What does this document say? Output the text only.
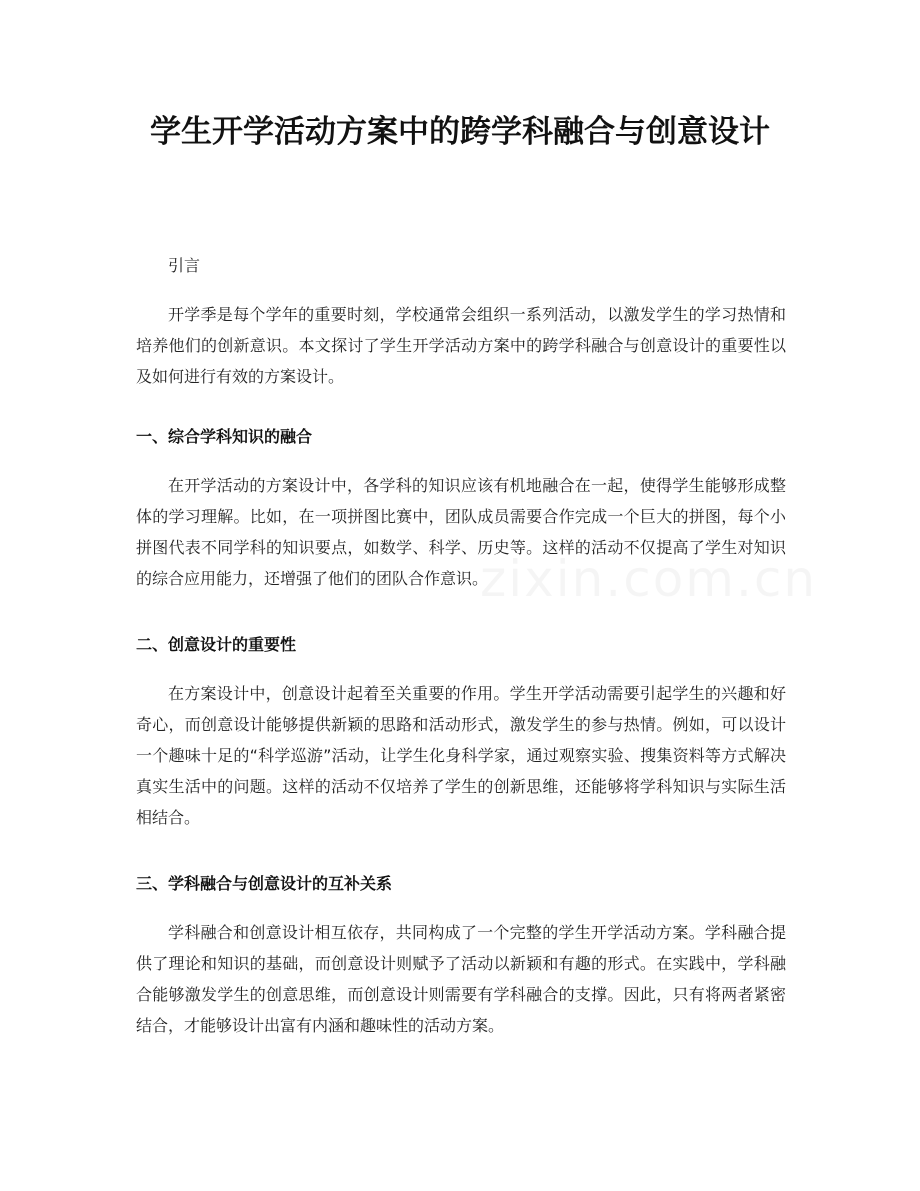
学生开学活动方案中的跨学科融合与创意设计

引言

开学季是每个学年的重要时刻，学校通常会组织一系列活动，以激发学生的学习热情和培养他们的创新意识。本文探讨了学生开学活动方案中的跨学科融合与创意设计的重要性以及如何进行有效的方案设计。

一、综合学科知识的融合

在开学活动的方案设计中，各学科的知识应该有机地融合在一起，使得学生能够形成整体的学习理解。比如，在一项拼图比赛中，团队成员需要合作完成一个巨大的拼图，每个小拼图代表不同学科的知识要点，如数学、科学、历史等。这样的活动不仅提高了学生对知识的综合应用能力，还增强了他们的团队合作意识。

二、创意设计的重要性

在方案设计中，创意设计起着至关重要的作用。学生开学活动需要引起学生的兴趣和好奇心，而创意设计能够提供新颖的思路和活动形式，激发学生的参与热情。例如，可以设计一个趣味十足的“科学巡游”活动，让学生化身科学家，通过观察实验、搜集资料等方式解决真实生活中的问题。这样的活动不仅培养了学生的创新思维，还能够将学科知识与实际生活相结合。

三、学科融合与创意设计的互补关系

学科融合和创意设计相互依存，共同构成了一个完整的学生开学活动方案。学科融合提供了理论和知识的基础，而创意设计则赋予了活动以新颖和有趣的形式。在实践中，学科融合能够激发学生的创意思维，而创意设计则需要有学科融合的支撑。因此，只有将两者紧密结合，才能够设计出富有内涵和趣味性的活动方案。
